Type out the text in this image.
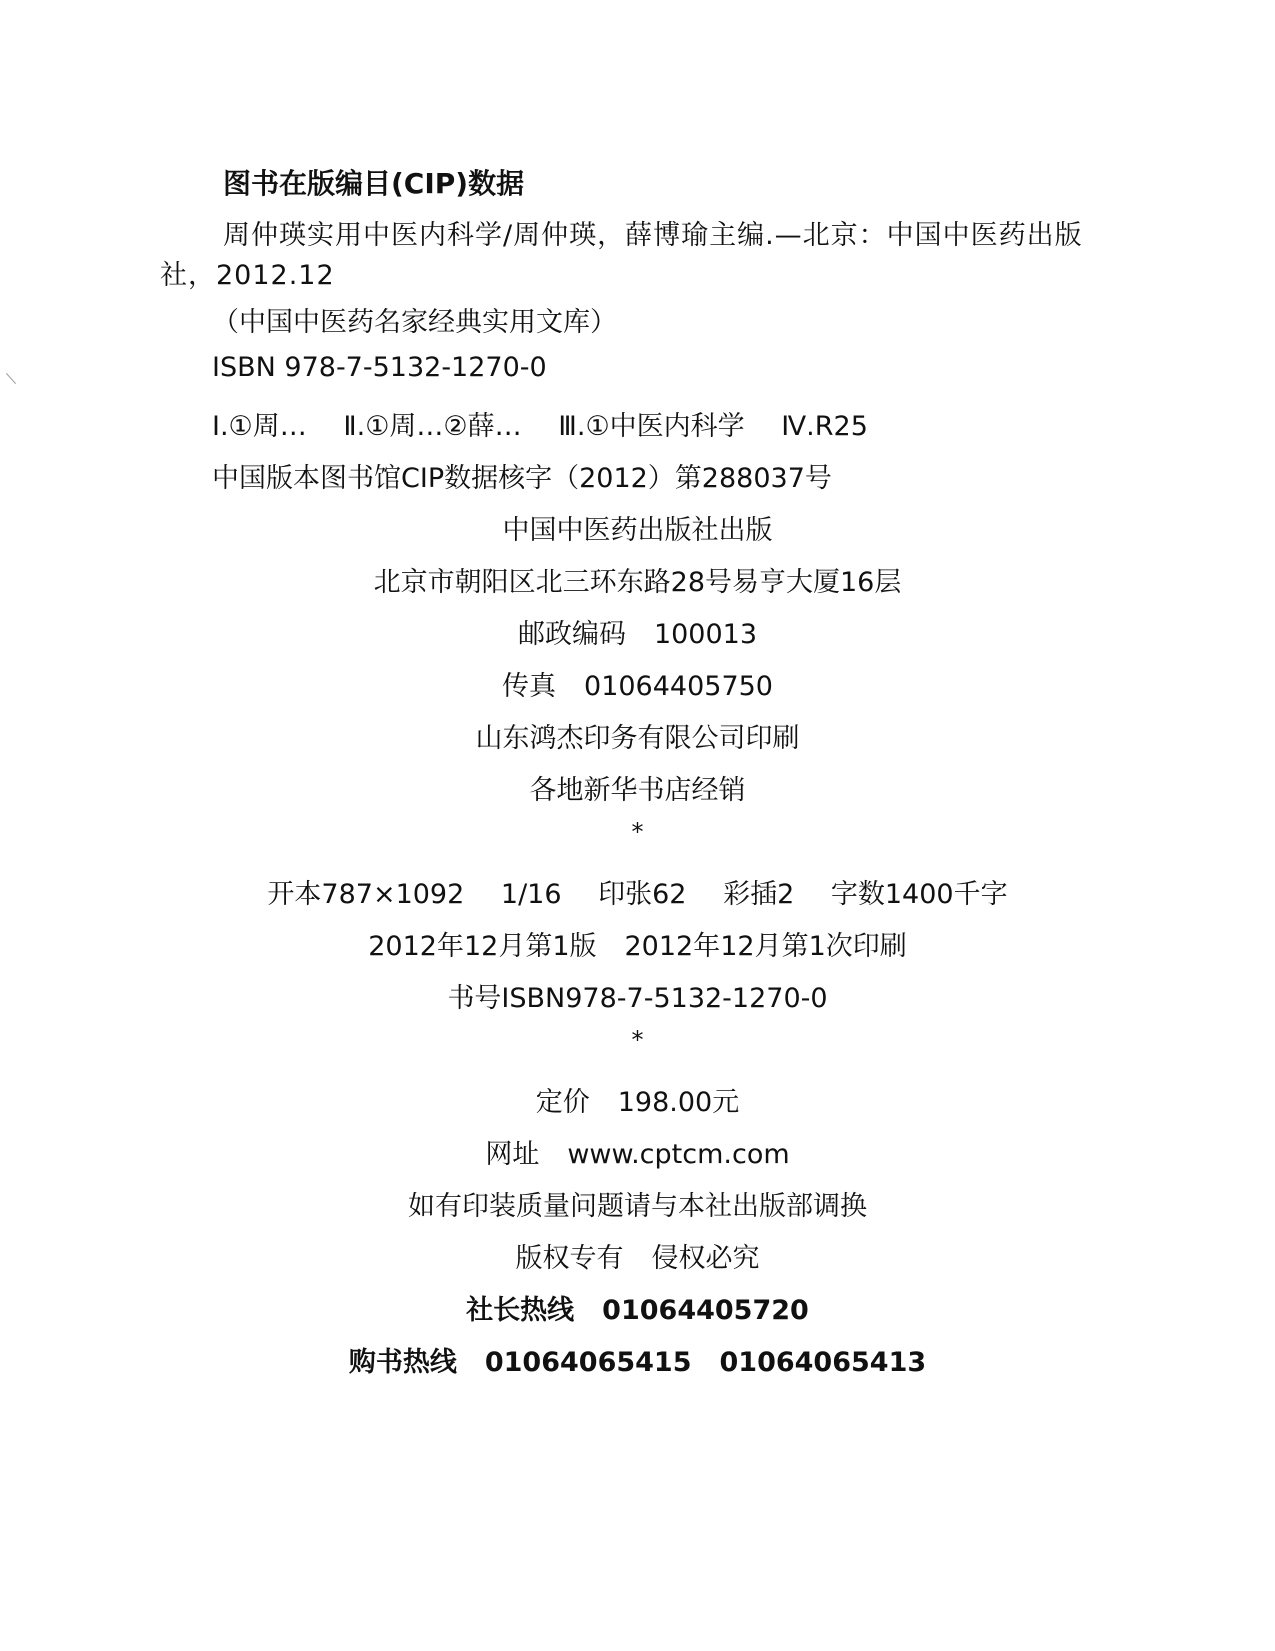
图书在版编目(CIP)数据
周仲瑛实用中医内科学/周仲瑛，薛博瑜主编.—北京：中国中医药出版社，2012.12
（中国中医药名家经典实用文库）
ISBN 978-7-5132-1270-0
Ⅰ.①周… Ⅱ.①周…②薛… Ⅲ.①中医内科学 Ⅳ.R25
中国版本图书馆CIP数据核字（2012）第288037号
中国中医药出版社出版
北京市朝阳区北三环东路28号易亨大厦16层
邮政编码 100013
传真 01064405750
山东鸿杰印务有限公司印刷
各地新华书店经销
*
开本787×1092 1/16 印张62 彩插2 字数1400千字
2012年12月第1版 2012年12月第1次印刷
书号ISBN978-7-5132-1270-0
*
定价 198.00元
网址 www.cptcm.com
如有印装质量问题请与本社出版部调换
版权专有 侵权必究
社长热线 01064405720
购书热线 01064065415 01064065413
